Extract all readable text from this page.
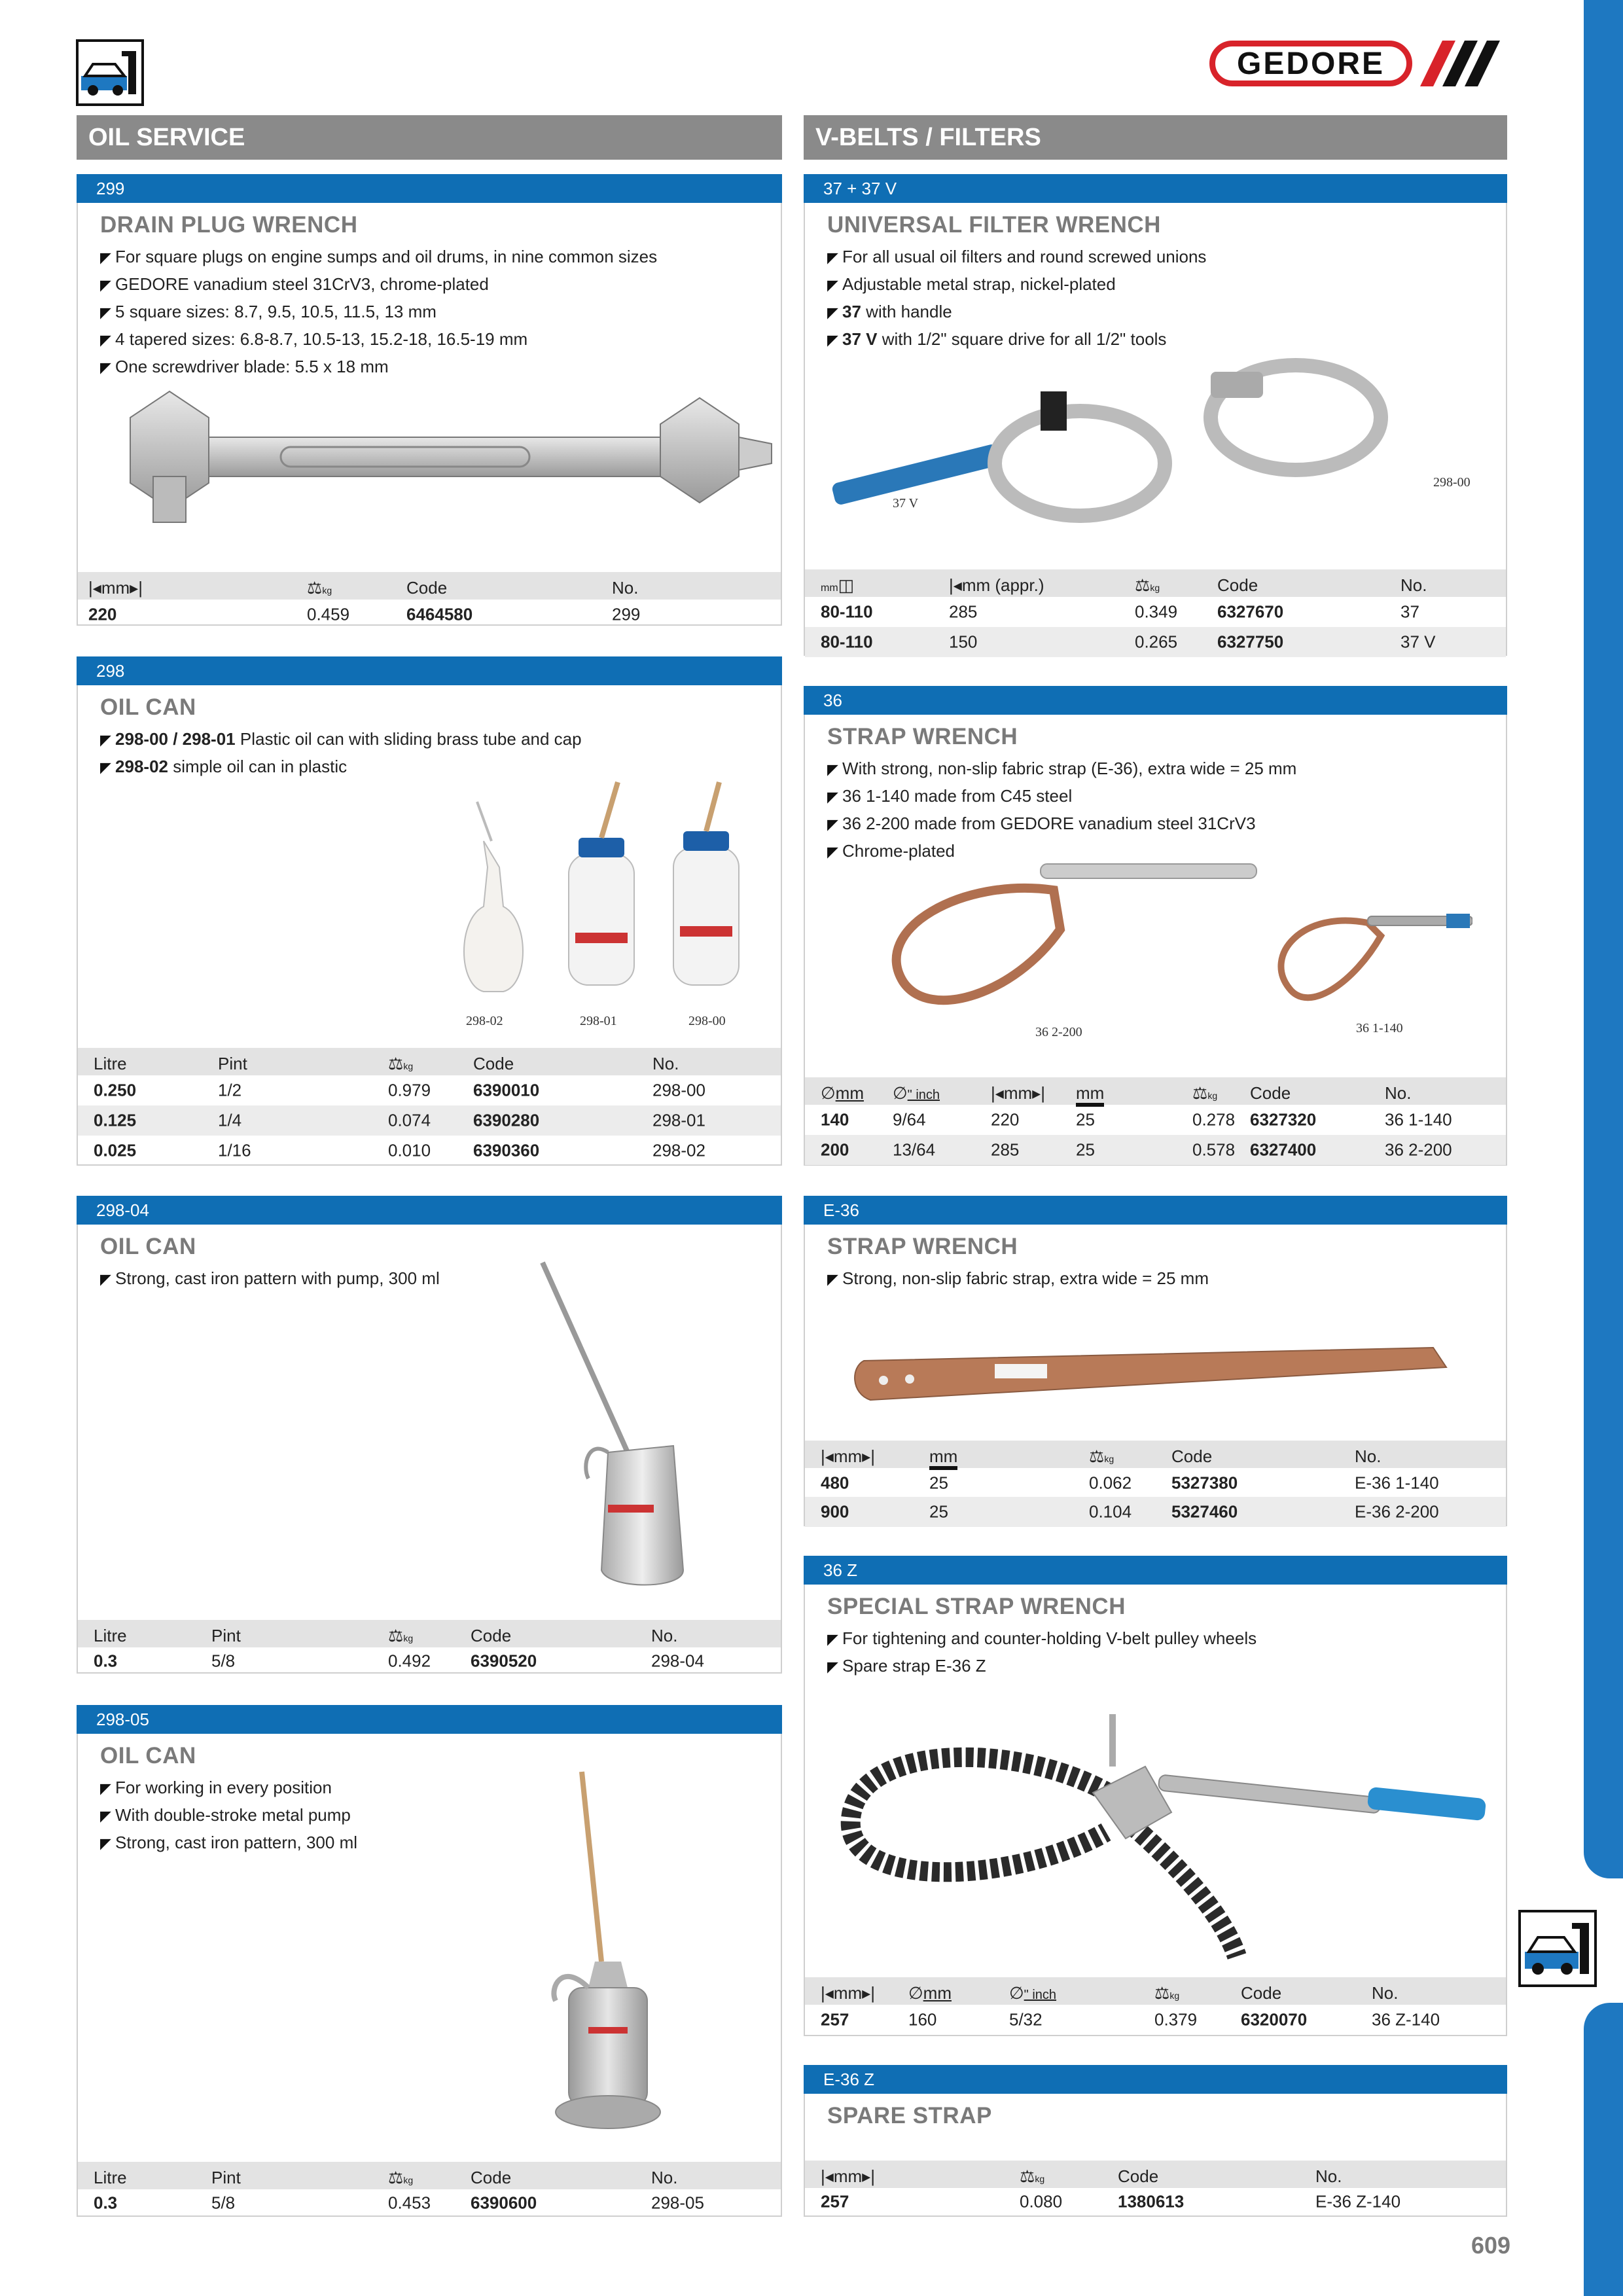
GEDORE
OIL SERVICE	V-BELTS / FILTERS
299
DRAIN PLUG WRENCH
◤ For square plugs on engine sumps and oil drums, in nine common sizes
◤ GEDORE vanadium steel 31CrV3, chrome-plated
◤ 5 square sizes: 8.7, 9.5, 10.5, 11.5, 13 mm
◤ 4 tapered sizes: 6.8-8.7, 10.5-13, 15.2-18, 16.5-19 mm
◤ One screwdriver blade: 5.5 x 18 mm
|◂mm▸|	⚖kg	Code	No.
220	0.459	6464580	299
298
OIL CAN
◤ 298-00 / 298-01 Plastic oil can with sliding brass tube and cap
◤ 298-02 simple oil can in plastic
298-02	298-01	298-00
Litre	Pint	⚖kg	Code	No.
0.250	1/2	0.979 6390010	298-00
0.125	1/4	0.074 6390280	298-01
0.025	1/16	0.010 6390360	298-02
298-04
OIL CAN
◤ Strong, cast iron pattern with pump, 300 ml
Litre	Pint	⚖kg	Code	No.
0.3	5/8	0.492 6390520	298-04
298-05
OIL CAN
◤ For working in every position
◤ With double-stroke metal pump
◤ Strong, cast iron pattern, 300 ml
Litre	Pint	⚖kg	Code	No.
0.3	5/8	0.453 6390600	298-05
37 + 37 V
UNIVERSAL FILTER WRENCH
◤ For all usual oil filters and round screwed unions
◤ Adjustable metal strap, nickel-plated
◤ 37 with handle
◤ 37 V with 1/2" square drive for all 1/2" tools
37 V
298-00
mm◫	|◂mm (appr.)	⚖kg	Code	No.
80-110	285	0.349 6327670	37
80-110	150	0.265 6327750	37 V
36
STRAP WRENCH
◤ With strong, non-slip fabric strap (E-36), extra wide = 25 mm
◤ 36 1-140 made from C45 steel
◤ 36 2-200 made from GEDORE vanadium steel 31CrV3
◤ Chrome-plated
36 2-200	36 1-140
∅mm ∅" inch	|◂mm▸| mm	⚖kg Code	No.
140	9/64	220	25	0.278 6327320	36 1-140
200	13/64	285	25	0.578 6327400	36 2-200
E-36
STRAP WRENCH
◤ Strong, non-slip fabric strap, extra wide = 25 mm
|◂mm▸|	mm	⚖kg	Code	No.
480	25	0.062 5327380	E-36 1-140
900	25	0.104 5327460	E-36 2-200
36 Z
SPECIAL STRAP WRENCH
◤ For tightening and counter-holding V-belt pulley wheels
◤ Spare strap E-36 Z
|◂mm▸| ∅mm	∅" inch	⚖kg	Code	No.
257	160	5/32	0.379	6320070	36 Z-140
E-36 Z
SPARE STRAP
|◂mm▸|	⚖kg	Code	No.
257	0.080	1380613	E-36 Z-140
609
